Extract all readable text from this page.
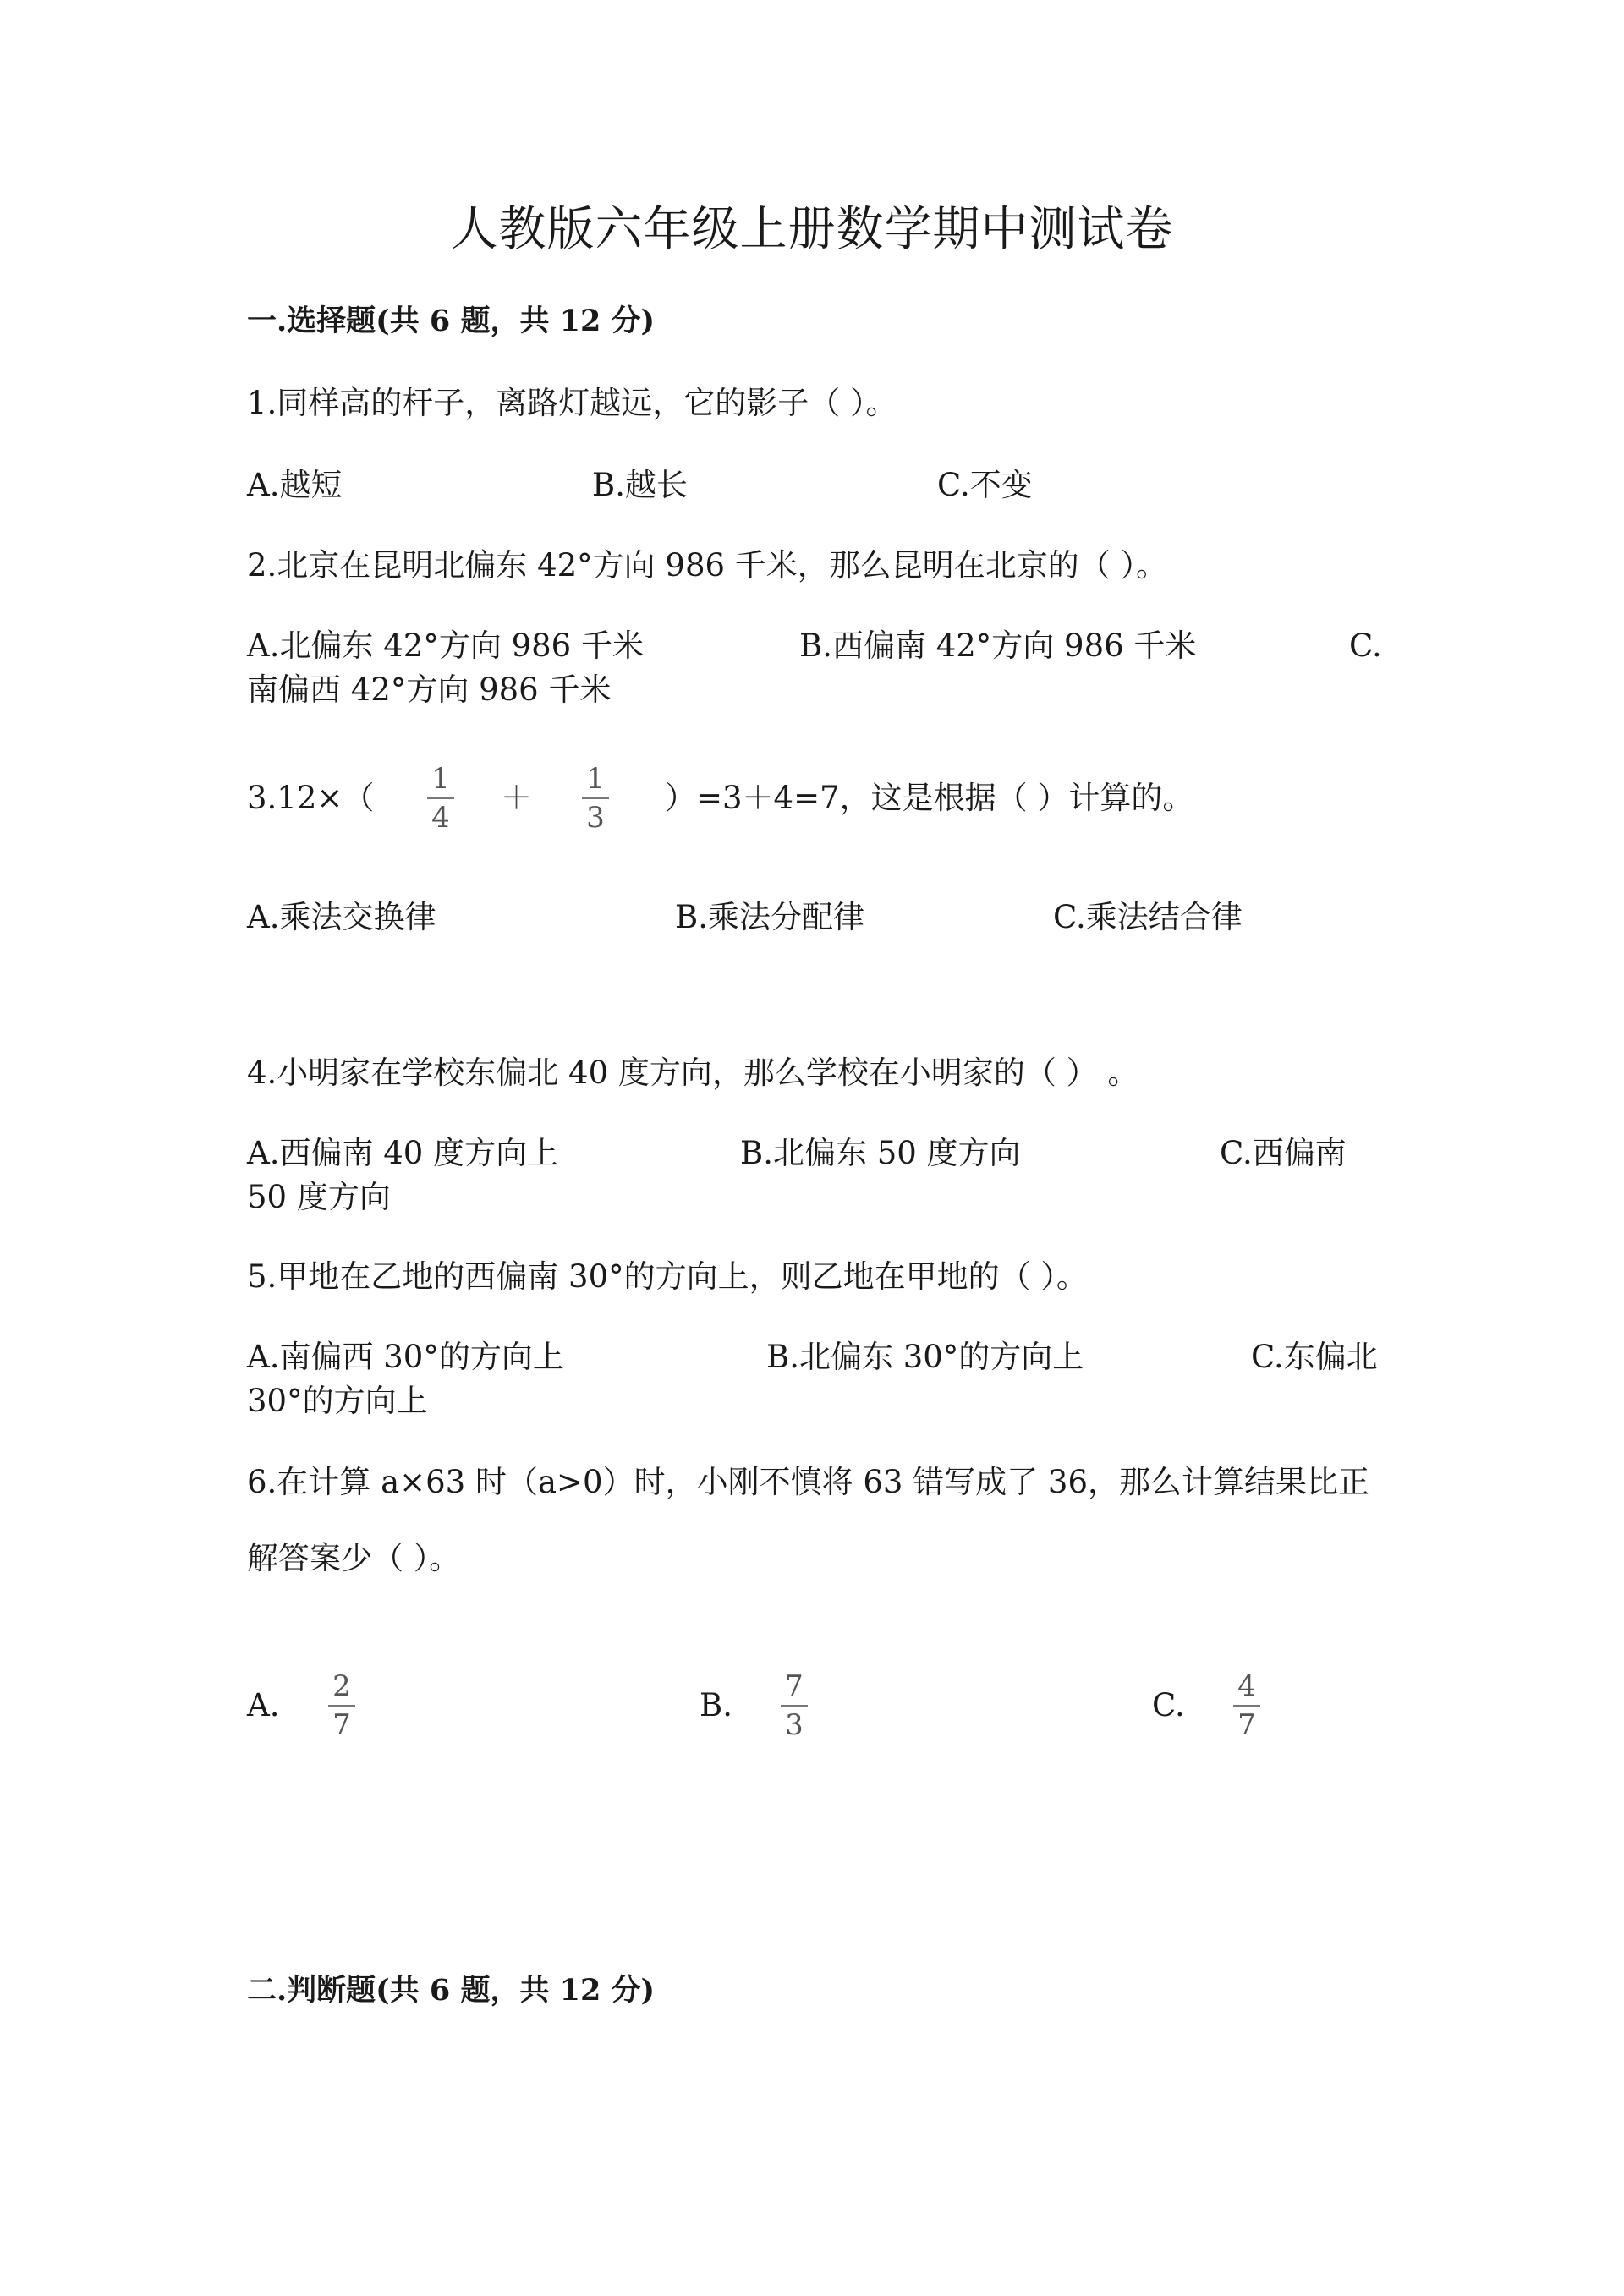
人教版六年级上册数学期中测试卷
一.选择题(共 6 题，共 12 分)
1.同样高的杆子，离路灯越远，它的影子（ ）。
A.越短	B.越长	C.不变
2.北京在昆明北偏东 42°方向 986 千米，那么昆明在北京的（ ）。
A.北偏东 42°方向 986 千米	B.西偏南 42°方向 986 千米	C.
南偏西 42°方向 986 千米
3.12×（
1
4
＋
1
3
）=3＋4=7，这是根据（ ）计算的。
A.乘法交换律	B.乘法分配律	C.乘法结合律
4.小明家在学校东偏北 40 度方向，那么学校在小明家的（ ） 。
A.西偏南 40 度方向上	B.北偏东 50 度方向	C.西偏南
50 度方向
5.甲地在乙地的西偏南 30°的方向上，则乙地在甲地的（ ）。
A.南偏西 30°的方向上	B.北偏东 30°的方向上	C.东偏北
30°的方向上
6.在计算 a×63 时（a>0）时，小刚不慎将 63 错写成了 36，那么计算结果比正
解答案少（ ）。
A.
2
7
B.
7
3
C.
4
7
二.判断题(共 6 题，共 12 分)
